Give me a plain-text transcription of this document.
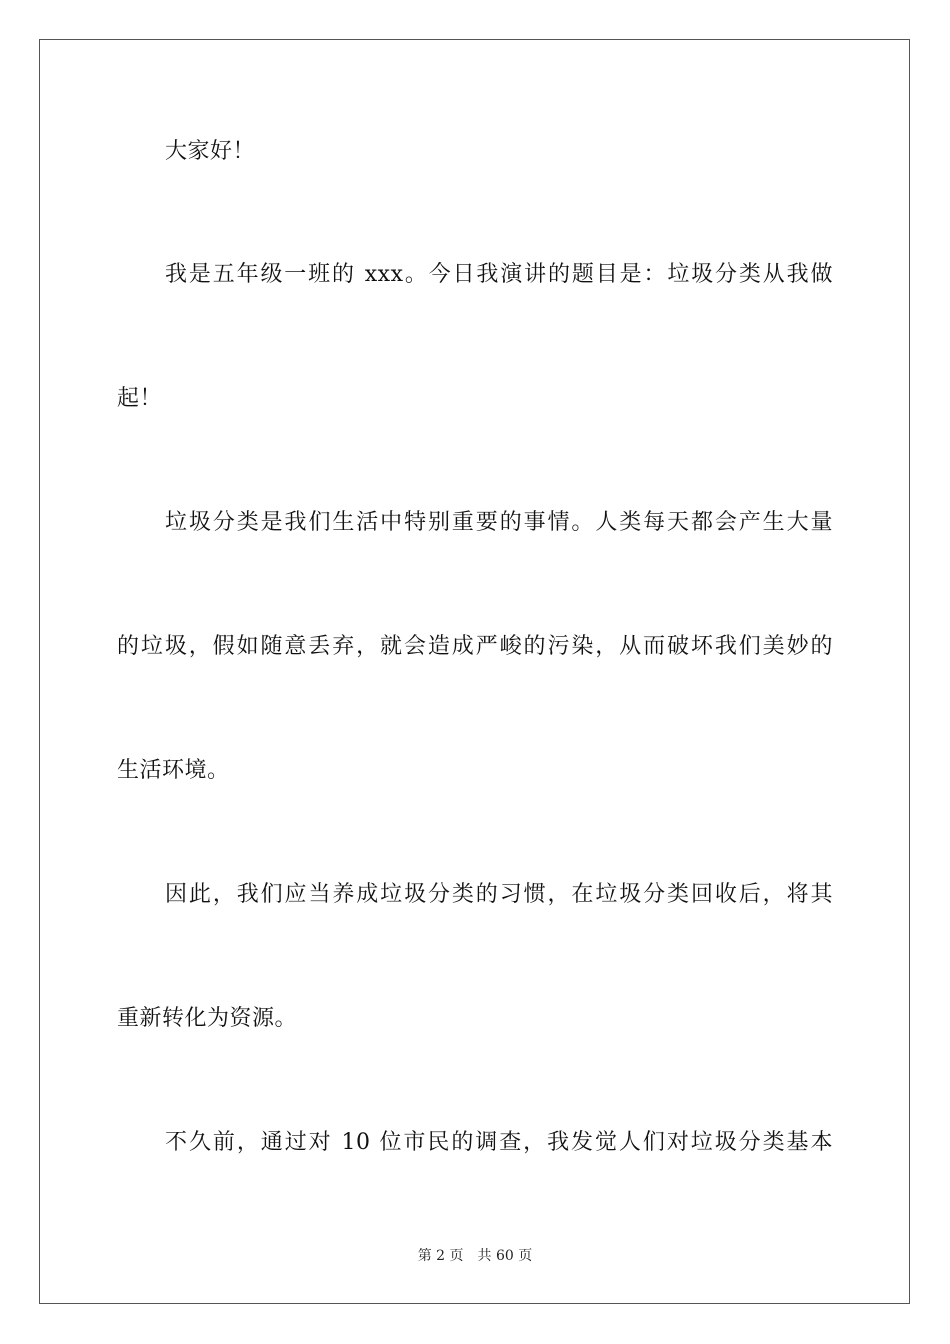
大家好！
我是五年级一班的 xxx。今日我演讲的题目是：垃圾分类从我做
起！
垃圾分类是我们生活中特别重要的事情。人类每天都会产生大量
的垃圾，假如随意丢弃，就会造成严峻的污染，从而破坏我们美妙的
生活环境。
因此，我们应当养成垃圾分类的习惯，在垃圾分类回收后，将其
重新转化为资源。
不久前，通过对 10 位市民的调查，我发觉人们对垃圾分类基本
第 2 页 共 60 页
